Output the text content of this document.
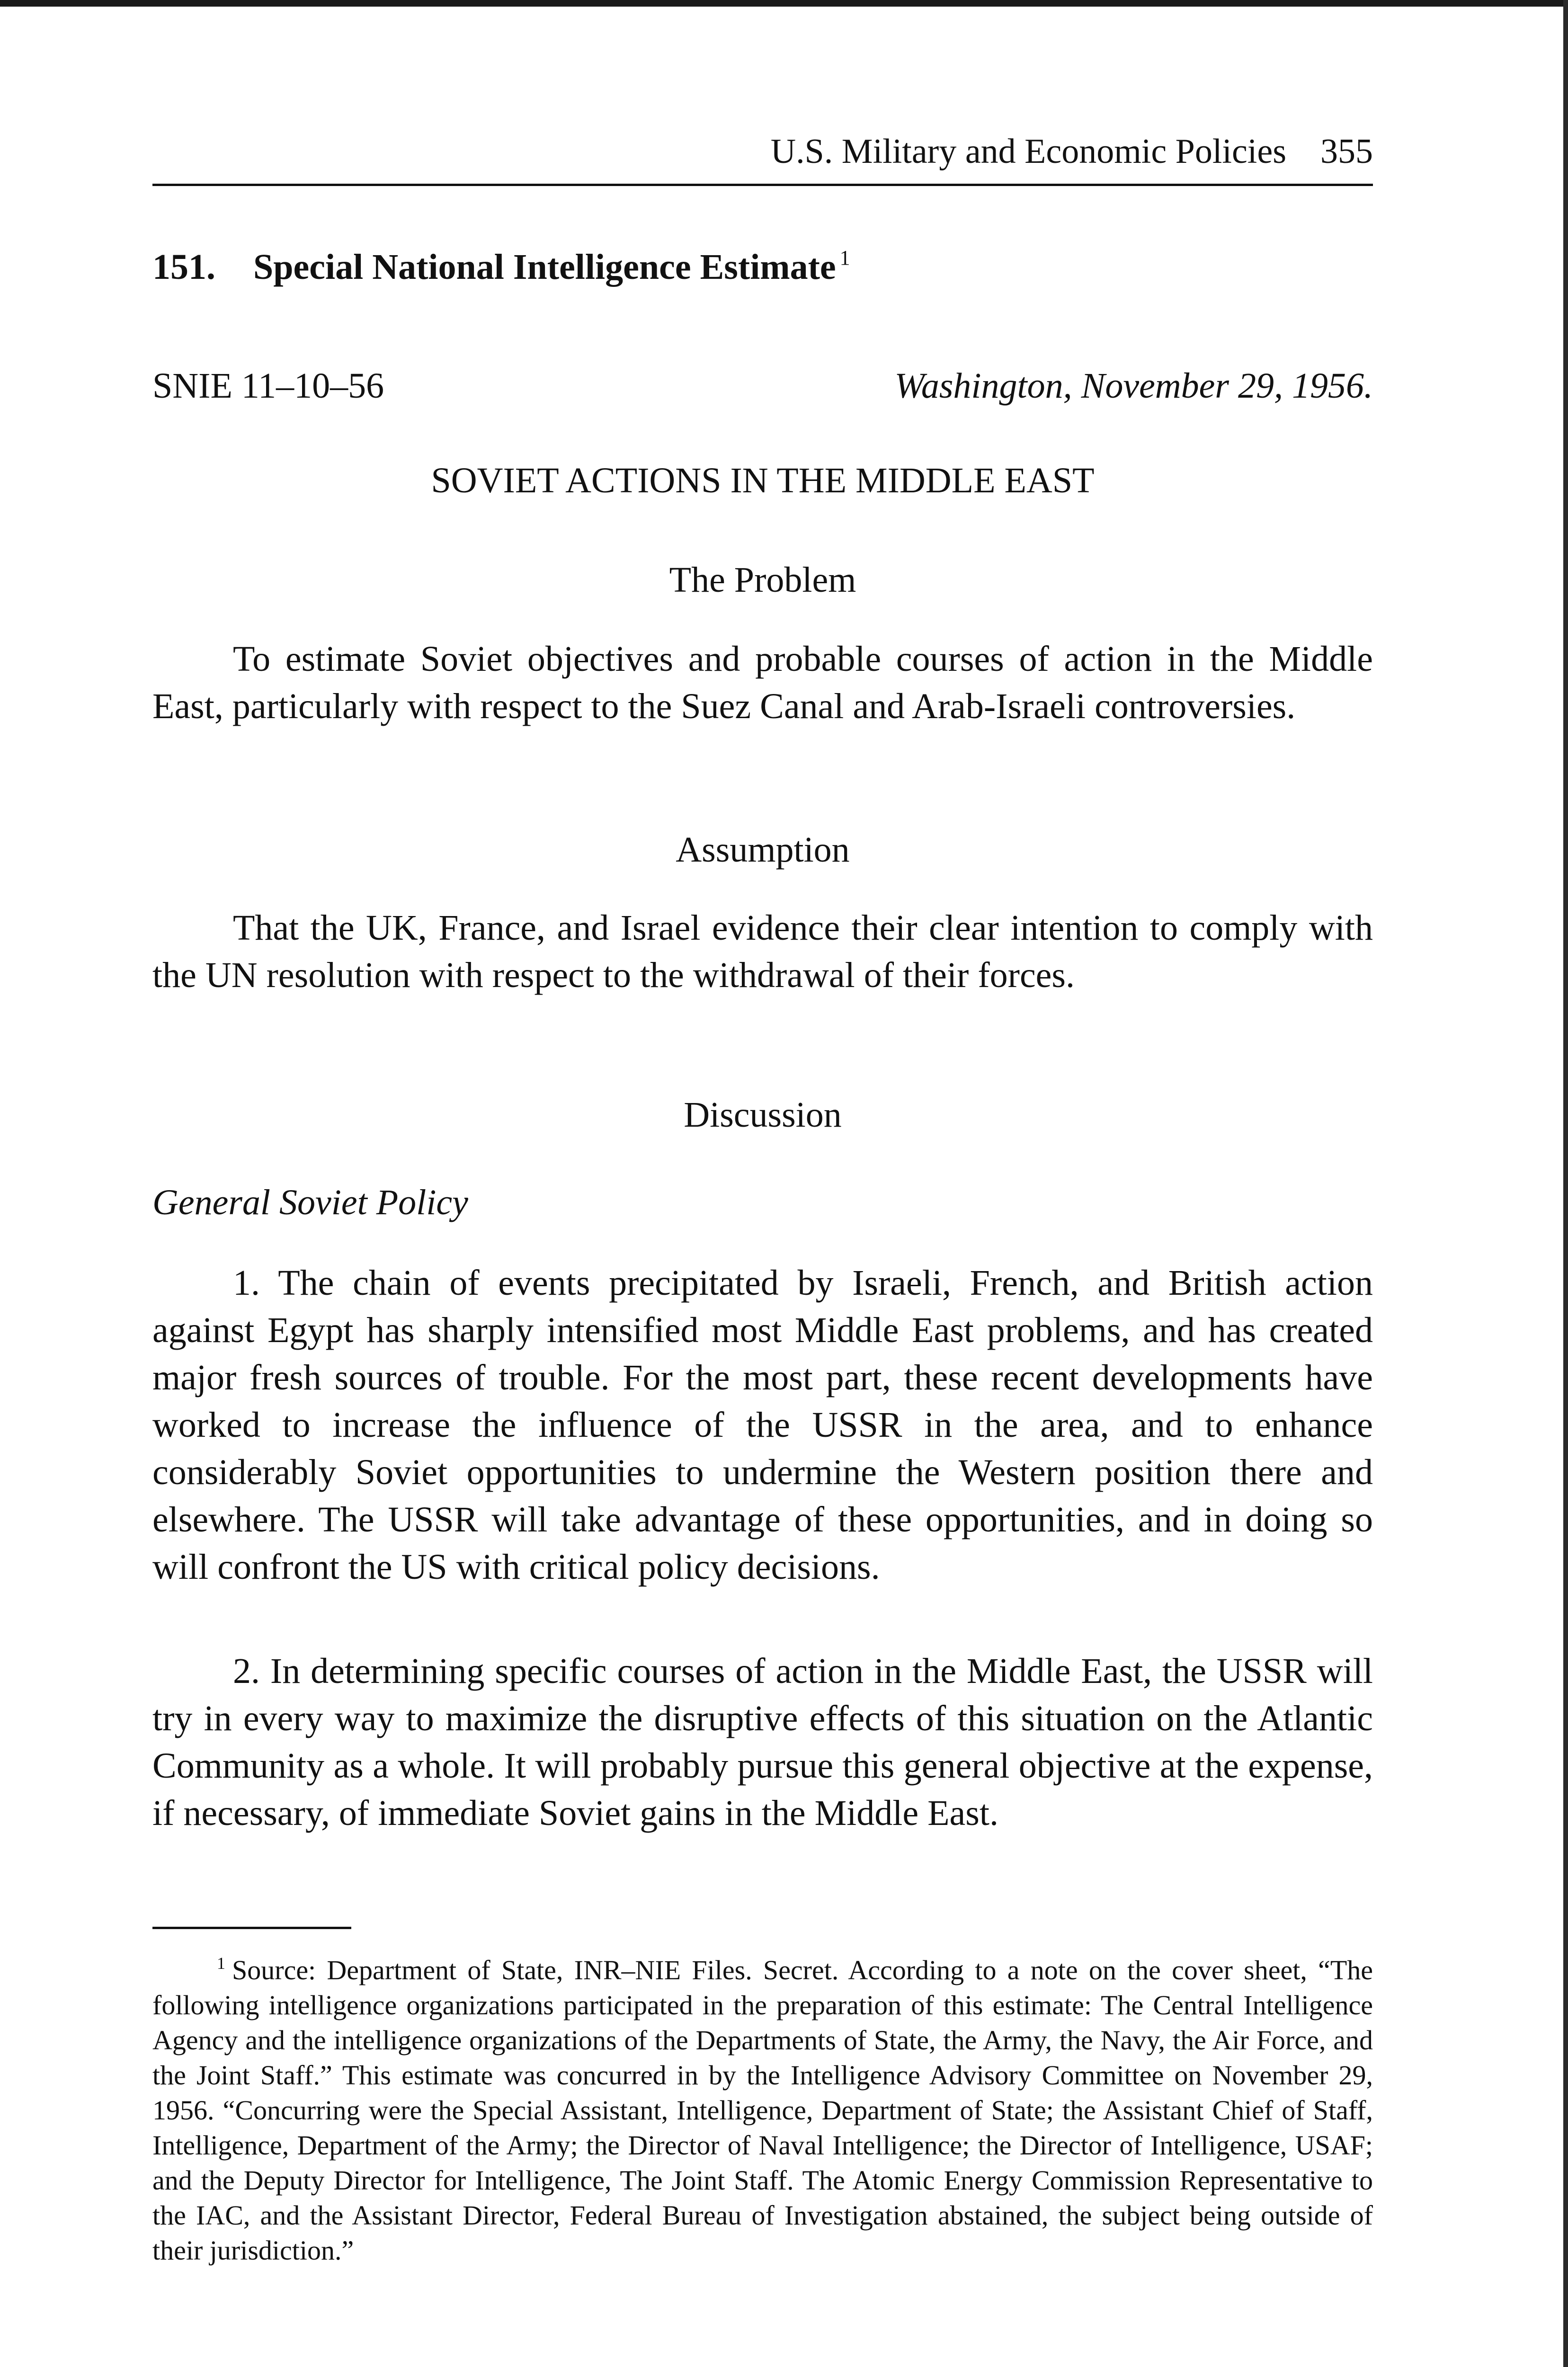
U.S. Military and Economic Policies 355
151. Special National Intelligence Estimate $^1$
SNIE 11–10–56	Washington, November 29, 1956.
SOVIET ACTIONS IN THE MIDDLE EAST
The Problem
To estimate Soviet objectives and probable courses of action in the Middle East, particularly with respect to the Suez Canal and Arab-Israeli controversies.
Assumption
That the UK, France, and Israel evidence their clear intention to comply with the UN resolution with respect to the withdrawal of their forces.
Discussion
General Soviet Policy
1. The chain of events precipitated by Israeli, French, and British action against Egypt has sharply intensified most Middle East problems, and has created major fresh sources of trouble. For the most part, these recent developments have worked to increase the influence of the USSR in the area, and to enhance considerably Soviet opportunities to undermine the Western position there and elsewhere. The USSR will take advantage of these opportunities, and in doing so will confront the US with critical policy decisions.
2. In determining specific courses of action in the Middle East, the USSR will try in every way to maximize the disruptive effects of this situation on the Atlantic Community as a whole. It will probably pursue this general objective at the expense, if necessary, of immediate Soviet gains in the Middle East.
$^1$ Source: Department of State, INR–NIE Files. Secret. According to a note on the cover sheet, “The following intelligence organizations participated in the preparation of this estimate: The Central Intelligence Agency and the intelligence organizations of the Departments of State, the Army, the Navy, the Air Force, and the Joint Staff.” This estimate was concurred in by the Intelligence Advisory Committee on November 29, 1956. “Concurring were the Special Assistant, Intelligence, Department of State; the Assistant Chief of Staff, Intelligence, Department of the Army; the Director of Naval Intelligence; the Director of Intelligence, USAF; and the Deputy Director for Intelligence, The Joint Staff. The Atomic Energy Commission Representative to the IAC, and the Assistant Director, Federal Bureau of Investigation abstained, the subject being outside of their jurisdiction.”
